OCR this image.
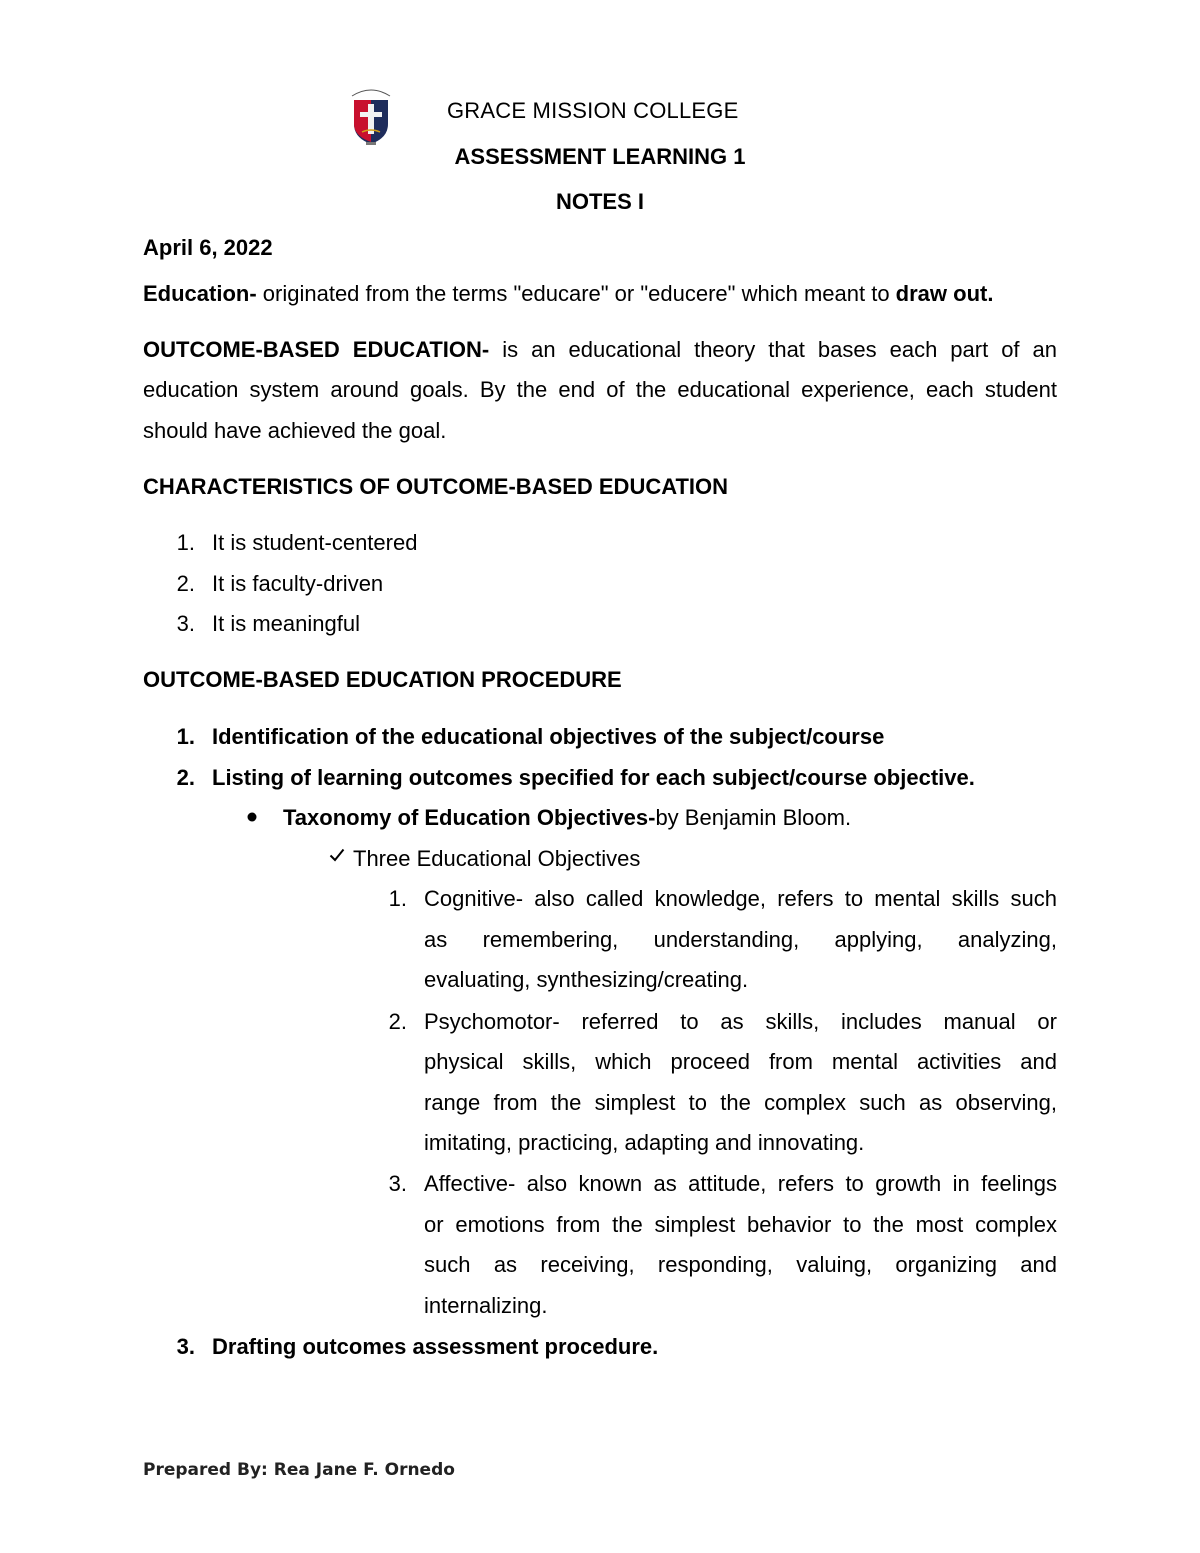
GRACE MISSION COLLEGE
ASSESSMENT LEARNING 1
NOTES I
April 6, 2022
Education- originated from the terms "educare" or "educere" which meant to draw out.
OUTCOME-BASED EDUCATION- is an educational theory that bases each part of an
education system around goals. By the end of the educational experience, each student
should have achieved the goal.
CHARACTERISTICS OF OUTCOME-BASED EDUCATION
1. It is student-centered
2. It is faculty-driven
3. It is meaningful
OUTCOME-BASED EDUCATION PROCEDURE
1. Identification of the educational objectives of the subject/course
2. Listing of learning outcomes specified for each subject/course objective.
Taxonomy of Education Objectives-by Benjamin Bloom.
Three Educational Objectives
1. Cognitive- also called knowledge, refers to mental skills such
as remembering, understanding, applying, analyzing,
evaluating, synthesizing/creating.
2. Psychomotor- referred to as skills, includes manual or
physical skills, which proceed from mental activities and
range from the simplest to the complex such as observing,
imitating, practicing, adapting and innovating.
3. Affective- also known as attitude, refers to growth in feelings
or emotions from the simplest behavior to the most complex
such as receiving, responding, valuing, organizing and
internalizing.
3. Drafting outcomes assessment procedure.
Prepared By: Rea Jane F. Ornedo
